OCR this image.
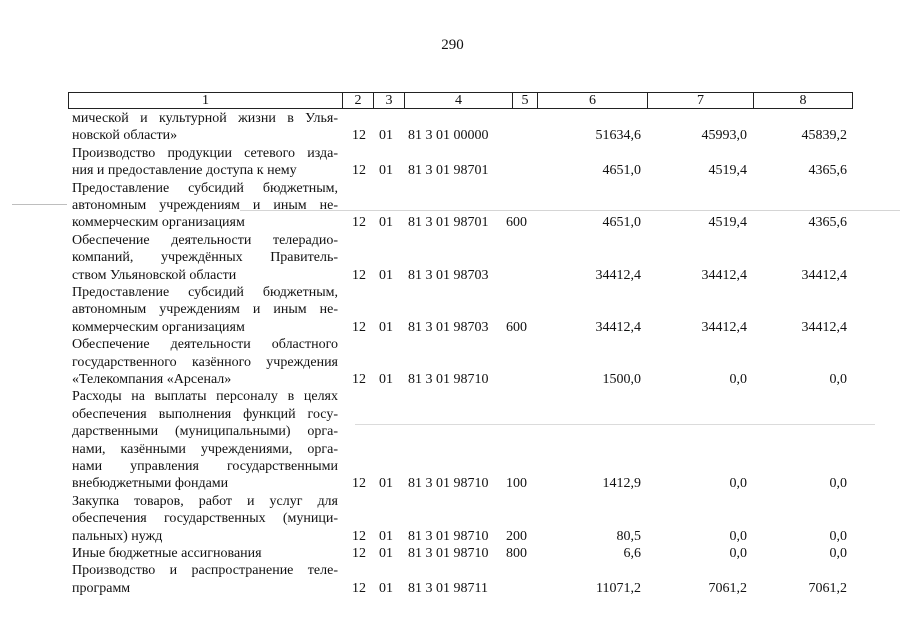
290
1	2	3	4	5	6	7	8
мической и культурной жизни в Улья-
новской области»	12 01 81 3 01 00000	51634,6	45993,0	45839,2
Производство продукции сетевого изда-
ния и предоставление доступа к нему	12 01 81 3 01 98701	4651,0	4519,4	4365,6
Предоставление субсидий бюджетным,
автономным учреждениям и иным не-
коммерческим организациям	12 01 81 3 01 98701	600	4651,0	4519,4	4365,6
Обеспечение деятельности телерадио-
компаний, учреждённых Правитель-
ством Ульяновской области	12 01 81 3 01 98703	34412,4	34412,4	34412,4
Предоставление субсидий бюджетным,
автономным учреждениям и иным не-
коммерческим организациям	12 01 81 3 01 98703	600	34412,4	34412,4	34412,4
Обеспечение деятельности областного
государственного казённого учреждения
«Телекомпания «Арсенал»	12 01 81 3 01 98710	1500,0	0,0	0,0
Расходы на выплаты персоналу в целях
обеспечения выполнения функций госу-
дарственными (муниципальными) орга-
нами, казёнными учреждениями, орга-
нами управления государственными
внебюджетными фондами	12 01 81 3 01 98710	100	1412,9	0,0	0,0
Закупка товаров, работ и услуг для
обеспечения государственных (муници-
пальных) нужд	12 01 81 3 01 98710	200	80,5	0,0	0,0
Иные бюджетные ассигнования	12 01 81 3 01 98710	800	6,6	0,0	0,0
Производство и распространение теле-
программ	12 01 81 3 01 98711	11071,2	7061,2	7061,2
